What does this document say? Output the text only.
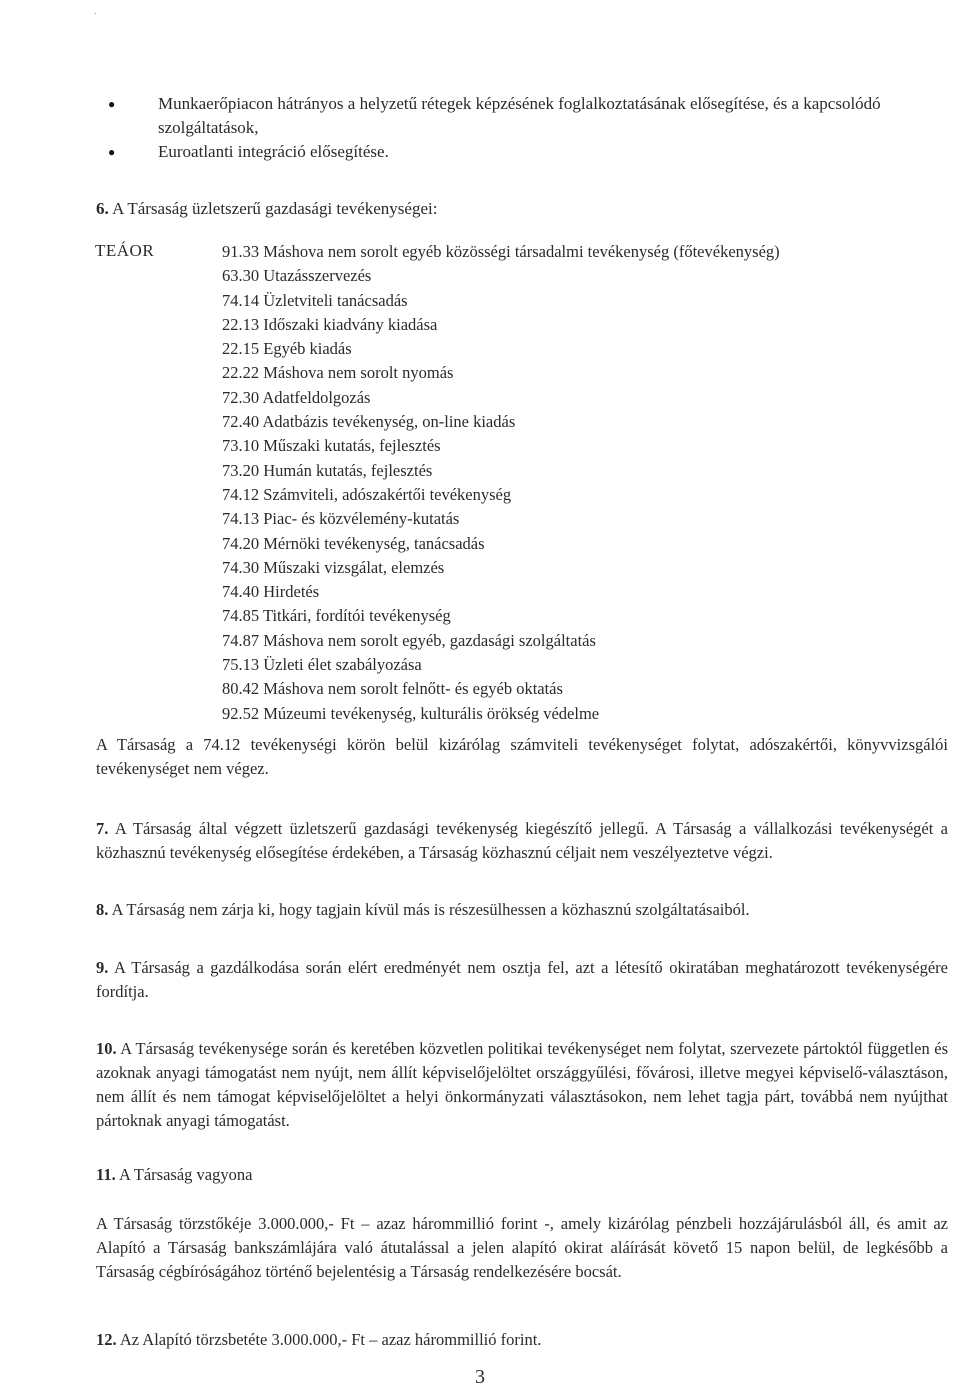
.
●	Munkaerőpiacon hátrányos a helyzetű rétegek képzésének foglalkoztatásának elősegítése, és a kapcsolódó szolgáltatások,
●	Euroatlanti integráció elősegítése.
6. A Társaság üzletszerű gazdasági tevékenységei:
TEÁOR	91.33 Máshova nem sorolt egyéb közösségi társadalmi tevékenység (főtevékenység)
63.30 Utazásszervezés
74.14 Üzletviteli tanácsadás
22.13 Időszaki kiadvány kiadása
22.15 Egyéb kiadás
22.22 Máshova nem sorolt nyomás
72.30 Adatfeldolgozás
72.40 Adatbázis tevékenység, on-line kiadás
73.10 Műszaki kutatás, fejlesztés
73.20 Humán kutatás, fejlesztés
74.12 Számviteli, adószakértői tevékenység
74.13 Piac- és közvélemény-kutatás
74.20 Mérnöki tevékenység, tanácsadás
74.30 Műszaki vizsgálat, elemzés
74.40 Hirdetés
74.85 Titkári, fordítói tevékenység
74.87 Máshova nem sorolt egyéb, gazdasági szolgáltatás
75.13 Üzleti élet szabályozása
80.42 Máshova nem sorolt felnőtt- és egyéb oktatás
92.52 Múzeumi tevékenység, kulturális örökség védelme

A Társaság a 74.12 tevékenységi körön belül kizárólag számviteli tevékenységet folytat, adószakértői, könyvvizsgálói tevékenységet nem végez.

7. A Társaság által végzett üzletszerű gazdasági tevékenység kiegészítő jellegű. A Társaság a vállalkozási tevékenységét a közhasznú tevékenység elősegítése érdekében, a Társaság közhasznú céljait nem veszélyeztetve végzi.

8. A Társaság nem zárja ki, hogy tagjain kívül más is részesülhessen a közhasznú szolgáltatásaiból.

9. A Társaság a gazdálkodása során elért eredményét nem osztja fel, azt a létesítő okiratában meghatározott tevékenységére fordítja.

10. A Társaság tevékenysége során és keretében közvetlen politikai tevékenységet nem folytat, szervezete pártoktól független és azoknak anyagi támogatást nem nyújt, nem állít képviselőjelöltet országgyűlési, fővárosi, illetve megyei képviselő-választáson, nem állít és nem támogat képviselőjelöltet a helyi önkormányzati választásokon, nem lehet tagja párt, továbbá nem nyújthat pártoknak anyagi támogatást.

11. A Társaság vagyona

A Társaság törzstőkéje 3.000.000,- Ft – azaz hárommillió forint -, amely kizárólag pénzbeli hozzájárulásból áll, és amit az Alapító a Társaság bankszámlájára való átutalással a jelen alapító okirat aláírását követő 15 napon belül, de legkésőbb a Társaság cégbíróságához történő bejelentésig a Társaság rendelkezésére bocsát.

12. Az Alapító törzsbetéte 3.000.000,- Ft – azaz hárommillió forint.

3
